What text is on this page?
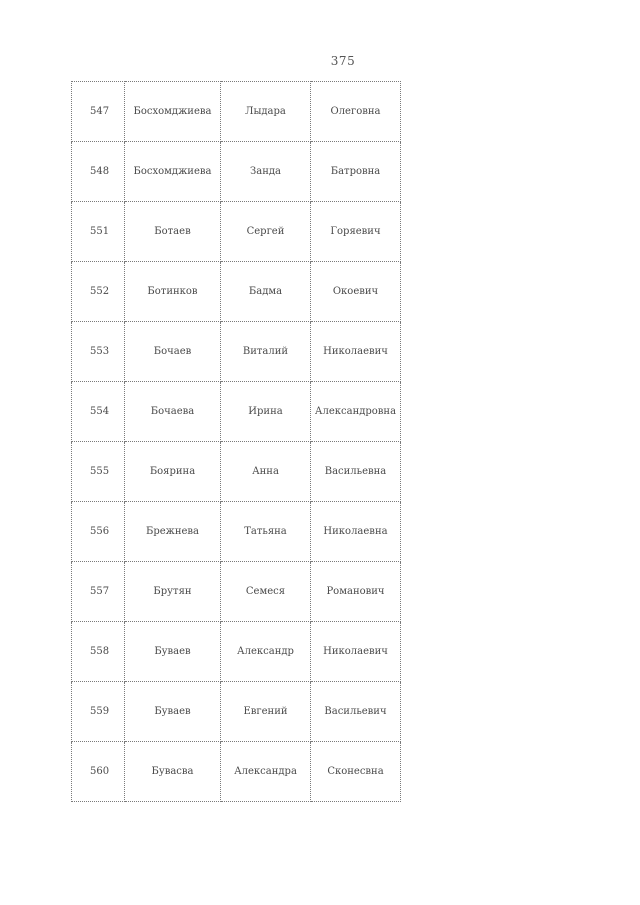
375
547	Босхомджиева	Лыдара	Олеговна
548	Босхомджиева	Занда	Батровна
551	Ботаев	Сергей	Горяевич
552	Ботинков	Бадма	Окоевич
553	Бочаев	Виталий	Николаевич
554	Бочаева	Ирина	Александровна
555	Боярина	Анна	Васильевна
556	Брежнева	Татьяна	Николаевна
557	Брутян	Семеся	Романович
558	Буваев	Александр	Николаевич
559	Буваев	Евгений	Васильевич
560	Бувасва	Александра	Сконесвна
